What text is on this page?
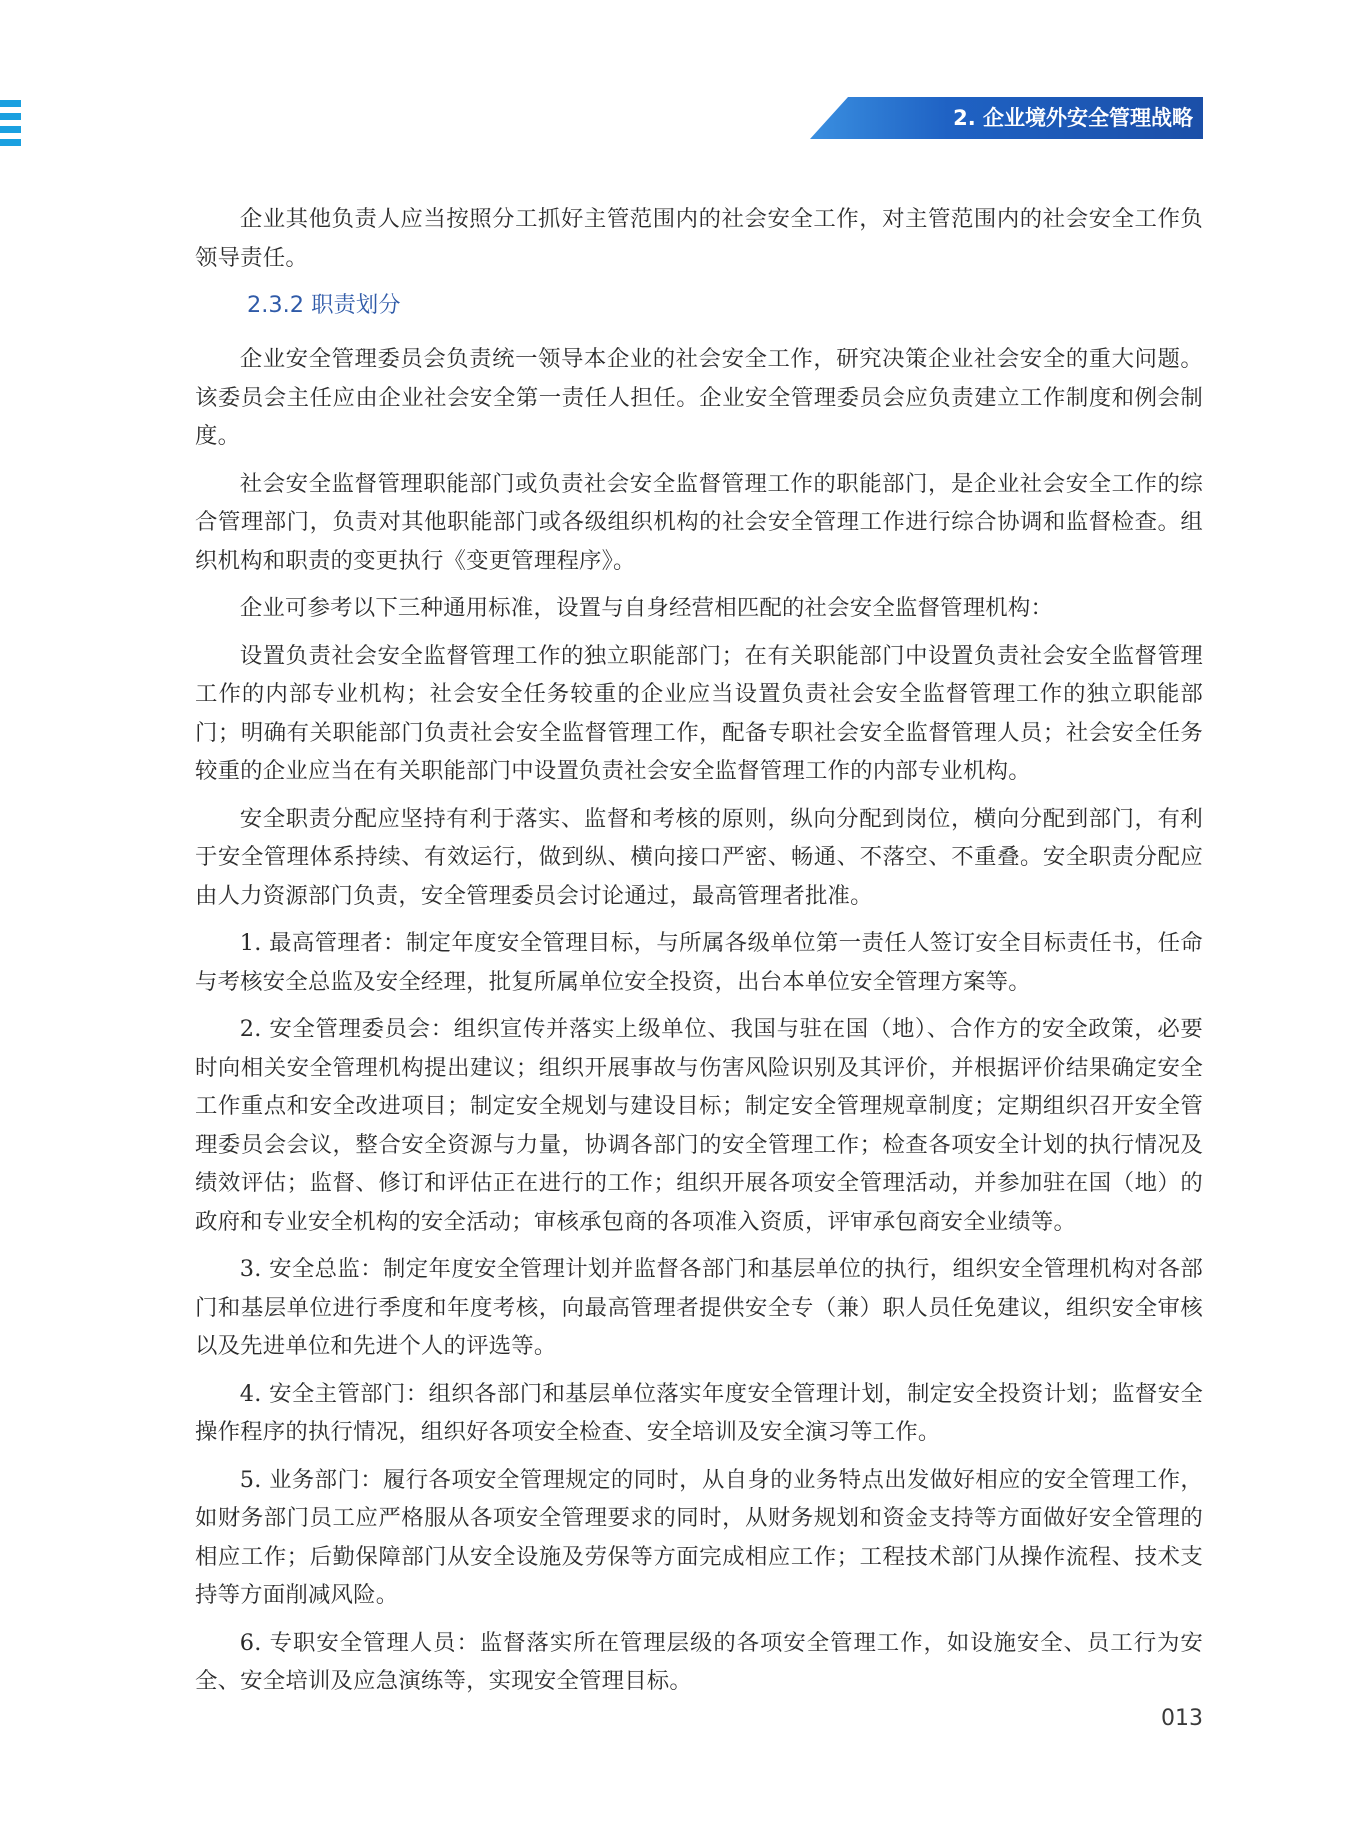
2. 企业境外安全管理战略

企业其他负责人应当按照分工抓好主管范围内的社会安全工作，对主管范围内的社会安全工作负领导责任。

2.3.2 职责划分

企业安全管理委员会负责统一领导本企业的社会安全工作，研究决策企业社会安全的重大问题。该委员会主任应由企业社会安全第一责任人担任。企业安全管理委员会应负责建立工作制度和例会制度。

社会安全监督管理职能部门或负责社会安全监督管理工作的职能部门，是企业社会安全工作的综合管理部门，负责对其他职能部门或各级组织机构的社会安全管理工作进行综合协调和监督检查。组织机构和职责的变更执行《变更管理程序》。

企业可参考以下三种通用标准，设置与自身经营相匹配的社会安全监督管理机构：

设置负责社会安全监督管理工作的独立职能部门；在有关职能部门中设置负责社会安全监督管理工作的内部专业机构；社会安全任务较重的企业应当设置负责社会安全监督管理工作的独立职能部门；明确有关职能部门负责社会安全监督管理工作，配备专职社会安全监督管理人员；社会安全任务较重的企业应当在有关职能部门中设置负责社会安全监督管理工作的内部专业机构。

安全职责分配应坚持有利于落实、监督和考核的原则，纵向分配到岗位，横向分配到部门，有利于安全管理体系持续、有效运行，做到纵、横向接口严密、畅通、不落空、不重叠。安全职责分配应由人力资源部门负责，安全管理委员会讨论通过，最高管理者批准。

1. 最高管理者：制定年度安全管理目标，与所属各级单位第一责任人签订安全目标责任书，任命与考核安全总监及安全经理，批复所属单位安全投资，出台本单位安全管理方案等。

2. 安全管理委员会：组织宣传并落实上级单位、我国与驻在国（地）、合作方的安全政策，必要时向相关安全管理机构提出建议；组织开展事故与伤害风险识别及其评价，并根据评价结果确定安全工作重点和安全改进项目；制定安全规划与建设目标；制定安全管理规章制度；定期组织召开安全管理委员会会议，整合安全资源与力量，协调各部门的安全管理工作；检查各项安全计划的执行情况及绩效评估；监督、修订和评估正在进行的工作；组织开展各项安全管理活动，并参加驻在国（地）的政府和专业安全机构的安全活动；审核承包商的各项准入资质，评审承包商安全业绩等。

3. 安全总监：制定年度安全管理计划并监督各部门和基层单位的执行，组织安全管理机构对各部门和基层单位进行季度和年度考核，向最高管理者提供安全专（兼）职人员任免建议，组织安全审核以及先进单位和先进个人的评选等。

4. 安全主管部门：组织各部门和基层单位落实年度安全管理计划，制定安全投资计划；监督安全操作程序的执行情况，组织好各项安全检查、安全培训及安全演习等工作。

5. 业务部门：履行各项安全管理规定的同时，从自身的业务特点出发做好相应的安全管理工作，如财务部门员工应严格服从各项安全管理要求的同时，从财务规划和资金支持等方面做好安全管理的相应工作；后勤保障部门从安全设施及劳保等方面完成相应工作；工程技术部门从操作流程、技术支持等方面削减风险。

6. 专职安全管理人员：监督落实所在管理层级的各项安全管理工作，如设施安全、员工行为安全、安全培训及应急演练等，实现安全管理目标。

013
